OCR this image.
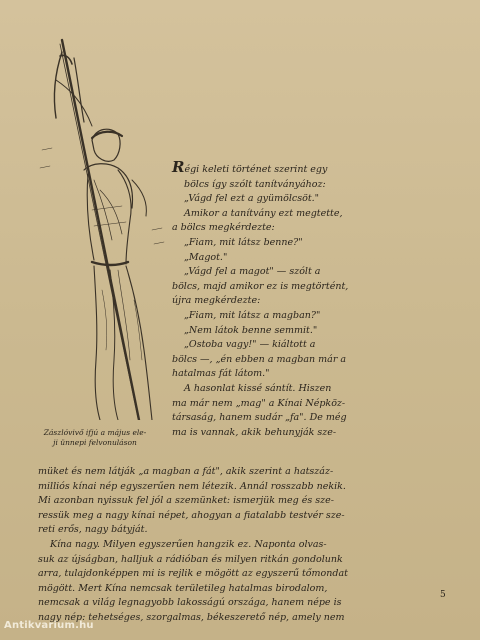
Zászlóvivő ifjú a május ele-
ji ünnepi felvonuláson

Régi keleti történet szerint egy

bölcs így szólt tanítványához:

„Vágd fel ezt a gyümölcsöt."

Amikor a tanítvány ezt megtette,

a bölcs megkérdezte:

„Fiam, mit látsz benne?"

„Magot."

„Vágd fel a magot" — szólt a

bölcs, majd amikor ez is megtörtént,

újra megkérdezte:

„Fiam, mit látsz a magban?"

„Nem látok benne semmit."

„Ostoba vagy!" — kiáltott a

bölcs —, „én ebben a magban már a

hatalmas fát látom."

A hasonlat kissé sántít. Hiszen

ma már nem „mag" a Kínai Népköz-

társaság, hanem sudár „fa". De még

ma is vannak, akik behunyják sze-

müket és nem látják „a magban a fát", akik szerint a hatszáz-

milliós kínai nép egyszerűen nem létezik. Annál rosszabb nekik.

Mi azonban nyissuk fel jól a szemünket: ismerjük meg és sze-

ressük meg a nagy kínai népet, ahogyan a fiatalabb testvér sze-

reti erős, nagy bátyját.

Kína nagy. Milyen egyszerűen hangzik ez. Naponta olvas-

suk az újságban, halljuk a rádióban és milyen ritkán gondolunk

arra, tulajdonképpen mi is rejlik e mögött az egyszerű tőmondat

mögött. Mert Kína nemcsak területileg hatalmas birodalom,

nemcsak a világ legnagyobb lakosságú országa, hanem népe is

nagy nép: tehetséges, szorgalmas, békeszerető nép, amely nem

5
Antikvarium.hu
